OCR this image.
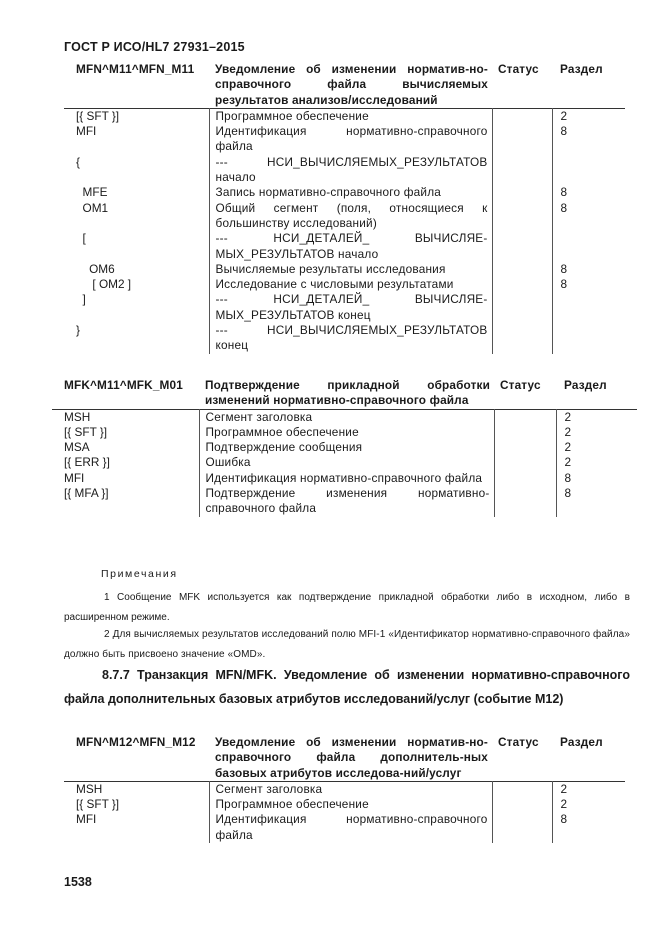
ГОСТ Р ИСО/HL7 27931–2015
MFN^M11^MFN_M11	Уведомление об изменении норматив-но-справочного файла вычисляемых результатов анализов/исследований	Статус	Раздел
[{ SFT }]	Программное обеспечение		2
MFI	Идентификация нормативно-справочного файла		8
{	--- НСИ_ВЫЧИСЛЯЕМЫХ_РЕЗУЛЬТАТОВ начало		
MFE	Запись нормативно-справочного файла		8
OM1	Общий сегмент (поля, относящиеся к большинству исследований)		8
[	--- НСИ_ДЕТАЛЕЙ_ ВЫЧИСЛЯЕ-МЫХ_РЕЗУЛЬТАТОВ начало		
OM6	Вычисляемые результаты исследования		8
[ OM2 ]	Исследование с числовыми результатами		8
]	--- НСИ_ДЕТАЛЕЙ_ ВЫЧИСЛЯЕ-МЫХ_РЕЗУЛЬТАТОВ конец		
}	--- НСИ_ВЫЧИСЛЯЕМЫХ_РЕЗУЛЬТАТОВ конец		
MFK^M11^MFK_M01	Подтверждение прикладной обработки изменений нормативно-справочного файла	Статус	Раздел
MSH	Сегмент заголовка		2
[{ SFT }]	Программное обеспечение		2
MSA	Подтверждение сообщения		2
[{ ERR }]	Ошибка		2
MFI	Идентификация нормативно-справочного файла		8
[{ MFA }]	Подтверждение изменения нормативно-справочного файла		8
Примечания
1 Сообщение MFK используется как подтверждение прикладной обработки либо в исходном, либо в расширенном режиме.
2 Для вычисляемых результатов исследований полю MFI-1 «Идентификатор нормативно-справочного файла» должно быть присвоено значение «OMD».
8.7.7 Транзакция MFN/MFK. Уведомление об изменении нормативно-справочного файла дополнительных базовых атрибутов исследований/услуг (событие M12)
MFN^M12^MFN_M12	Уведомление об изменении норматив-но-справочного файла дополнитель-ных базовых атрибутов исследова-ний/услуг	Статус	Раздел
MSH	Сегмент заголовка		2
[{ SFT }]	Программное обеспечение		2
MFI	Идентификация нормативно-справочного файла		8
1538
